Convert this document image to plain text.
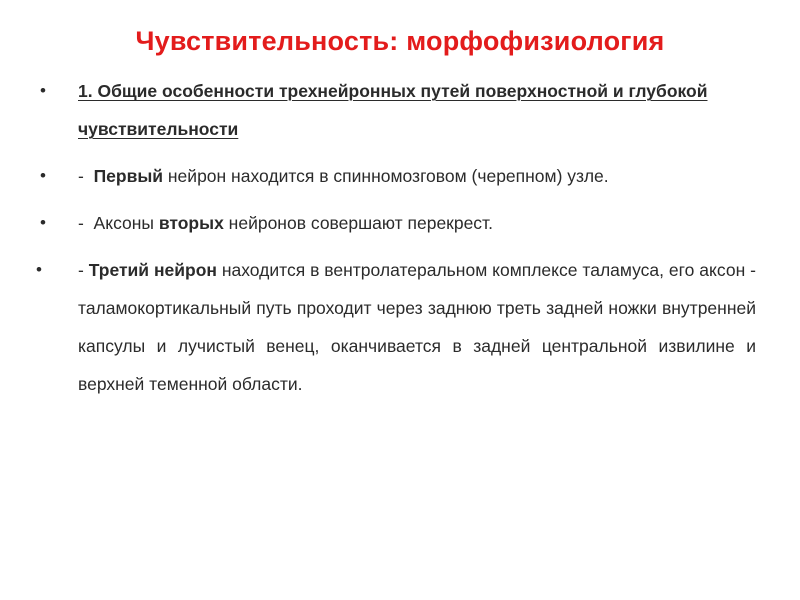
Чувствительность: морфофизиология
• 1. Общие особенности трехнейронных путей поверхностной и глубокой чувствительности
• -  Первый нейрон находится в спинномозговом (черепном) узле.
• -  Аксоны вторых нейронов совершают перекрест.
•	- Третий нейрон находится в вентролатеральном комплексе таламуса, его аксон - таламокортикальный путь проходит через заднюю треть задней ножки внутренней капсулы и лучистый венец, оканчивается в задней центральной извилине и верхней теменной области.
